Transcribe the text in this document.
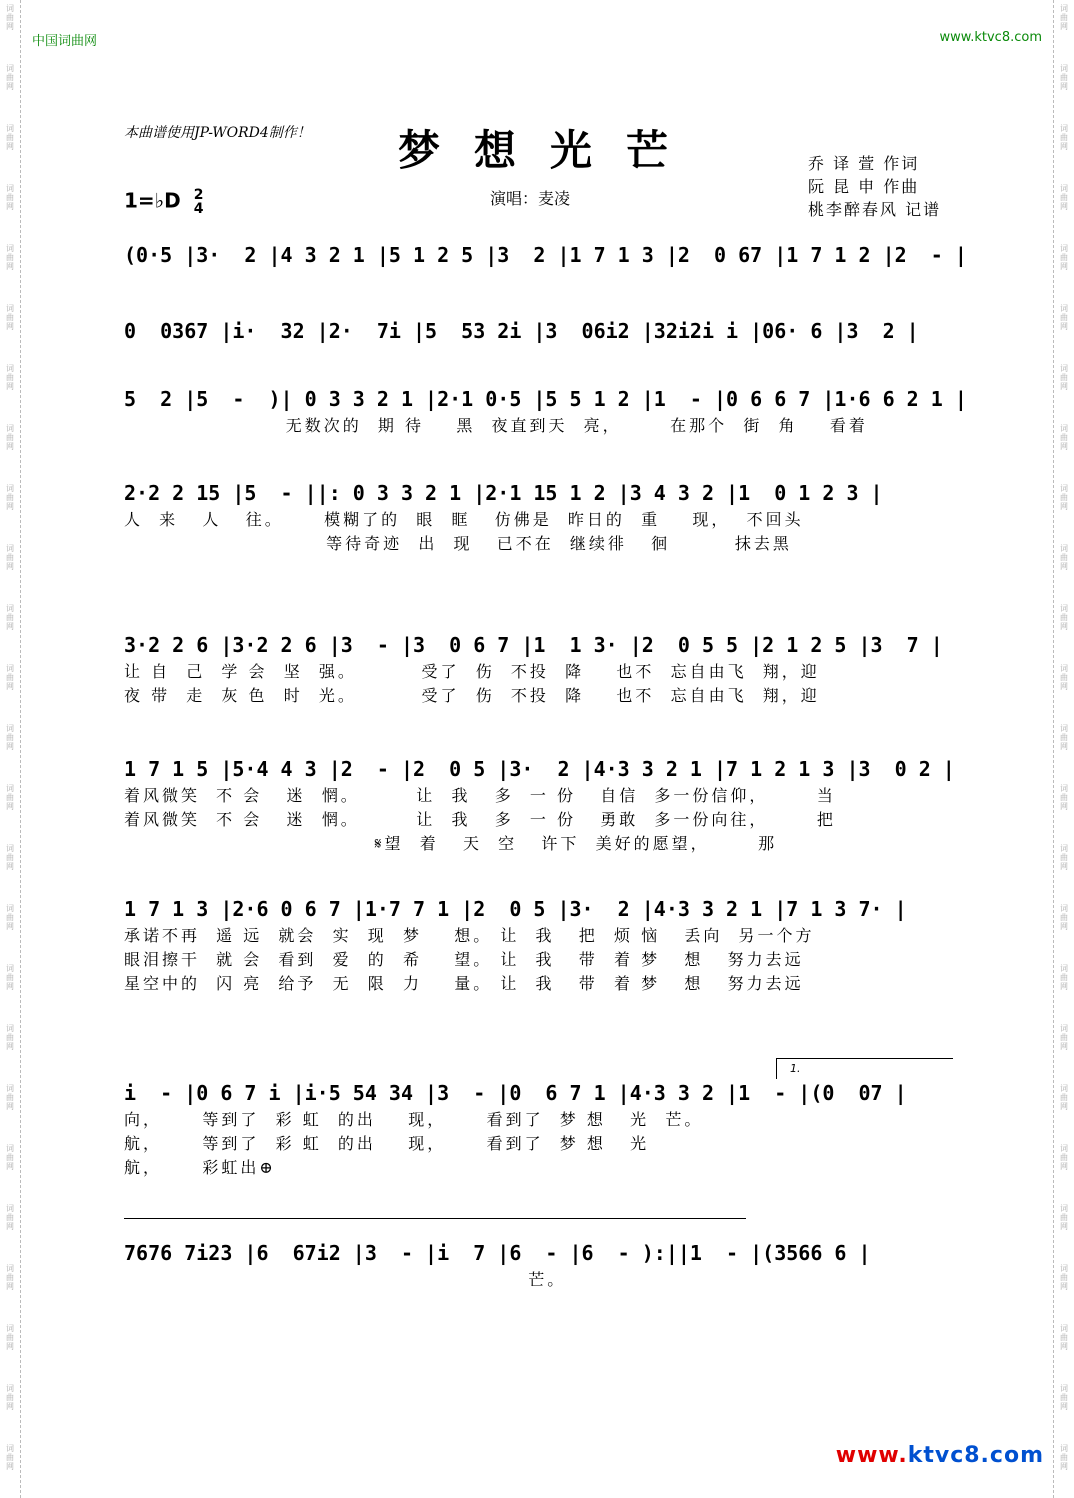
词
曲
网
词
曲
网
词
曲
网
词
曲
网
词
曲
网
词
曲
网
词
曲
网
词
曲
网
词
曲
网
词
曲
网
词
曲
网
词
曲
网
词
曲
网
词
曲
网
词
曲
网
词
曲
网
词
曲
网
词
曲
网
词
曲
网
词
曲
网
词
曲
网
词
曲
网
词
曲
网
词
曲
网
词
曲
网
词
曲
网
词
曲
网
词
曲
网
词
曲
网
词
曲
网
词
曲
网
词
曲
网
词
曲
网
词
曲
网
词
曲
网
词
曲
网
词
曲
网
词
曲
网
词
曲
网
词
曲
网
词
曲
网
词
曲
网
词
曲
网
词
曲
网
词
曲
网
词
曲
网
词
曲
网
词
曲
网
词
曲
网
词
曲
网
中国词曲网	www.ktvc8.com
本曲谱使用JP-WORD4制作！ 梦想光芒
演唱：麦凌
乔 译 萱 作词
阮 昆 申 作曲
桃李醉春风 记谱
1=♭D 2
4
(0·5 |3·  2 |4 3 2 1 |5 1 2 5 |3  2 |1 7 1 3 |2  0 67 |1 7 1 2 |2  - |
0  0367 |i·  32 |2·  7i |5  53 2i |3  06i2 |32i2i i |06· 6 |3  2 |
5  2 |5  -  )| 0 3 3 2 1 |2·1 0·5 |5 5 1 2 |1  - |0 6 6 7 |1·6 6 2 1 |
无数次的  期 待    黑  夜直到天  亮，      在那个  街  角    看着
2·2 2 15 |5  - ||: 0 3 3 2 1 |2·1 15 1 2 |3 4 3 2 |1  0 1 2 3 |
人  来   人   往。     模糊了的  眼  眶   仿佛是  昨日的  重    现，  不回头
等待奇迹  出  现   已不在  继续徘   徊        抹去黑
3·2 2 6 |3·2 2 6 |3  - |3  0 6 7 |1  1 3· |2  0 5 5 |2 1 2 5 |3  7 |
让 自  己  学 会  坚  强。        受了  伤  不投  降    也不  忘自由飞  翔，迎
夜 带  走  灰 色  时  光。        受了  伤  不投  降    也不  忘自由飞  翔，迎
1 7 1 5 |5·4 4 3 |2  - |2  0 5 |3·  2 |4·3 3 2 1 |7 1 2 1 3 |3  0 2 |
着风微笑  不 会   迷  惘。       让  我   多  一 份   自信  多一份信仰，      当
着风微笑  不 会   迷  惘。       让  我   多  一 份   勇敢  多一份向往，      把
𝄋望  着   天  空   许下  美好的愿望，      那
1 7 1 3 |2·6 0 6 7 |1·7 7 1 |2  0 5 |3·  2 |4·3 3 2 1 |7 1 3 7· |
承诺不再  遥 远  就会  实  现  梦    想。 让  我   把  烦 恼   丢向  另一个方
眼泪擦干  就 会  看到  爱  的  希    望。 让  我   带  着 梦   想   努力去远
星空中的  闪 亮  给予  无  限  力    量。 让  我   带  着 梦   想   努力去远
i  - |0 6 7 i |i·5 54 34 |3  - |0  6 7 1 |4·3 3 2 |1  - |(0  07 |
向，     等到了  彩 虹  的出    现，     看到了  梦 想   光  芒。
航，     等到了  彩 虹  的出    现，     看到了  梦 想   光
航，     彩虹出⊕
7676 7i23 |6  67i2 |3  - |i  7 |6  - |6  - ):||1  - |(3566 6 |
芒。
1.
www.ktvc8.com
